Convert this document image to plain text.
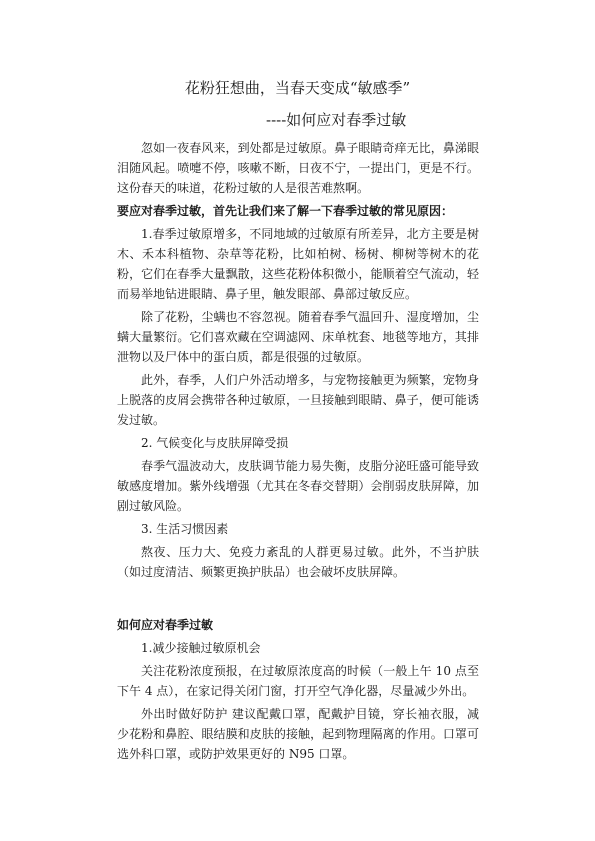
花粉狂想曲，当春天变成“敏感季”
----如何应对春季过敏

忽如一夜春风来，到处都是过敏原。鼻子眼睛奇痒无比，鼻涕眼泪随风起。喷嚏不停，咳嗽不断，日夜不宁，一提出门，更是不行。这份春天的味道，花粉过敏的人是很苦难熬啊。

要应对春季过敏，首先让我们来了解一下春季过敏的常见原因：

1.春季过敏原增多，不同地域的过敏原有所差异，北方主要是树木、禾本科植物、杂草等花粉，比如柏树、杨树、柳树等树木的花粉，它们在春季大量飘散，这些花粉体积微小，能顺着空气流动，轻而易举地钻进眼睛、鼻子里，触发眼部、鼻部过敏反应。

除了花粉，尘螨也不容忽视。随着春季气温回升、湿度增加，尘螨大量繁衍。它们喜欢藏在空调滤网、床单枕套、地毯等地方，其排泄物以及尸体中的蛋白质，都是很强的过敏原。

此外，春季，人们户外活动增多，与宠物接触更为频繁，宠物身上脱落的皮屑会携带各种过敏原，一旦接触到眼睛、鼻子，便可能诱发过敏。

2. 气候变化与皮肤屏障受损

春季气温波动大，皮肤调节能力易失衡，皮脂分泌旺盛可能导致敏感度增加。紫外线增强（尤其在冬春交替期）会削弱皮肤屏障，加剧过敏风险。

3. 生活习惯因素

熬夜、压力大、免疫力紊乱的人群更易过敏。此外，不当护肤（如过度清洁、频繁更换护肤品）也会破坏皮肤屏障。

如何应对春季过敏

1.减少接触过敏原机会

关注花粉浓度预报，在过敏原浓度高的时候（一般上午 10 点至下午 4 点），在家记得关闭门窗，打开空气净化器，尽量减少外出。

外出时做好防护 建议配戴口罩，配戴护目镜，穿长袖衣服，减少花粉和鼻腔、眼结膜和皮肤的接触，起到物理隔离的作用。口罩可选外科口罩，或防护效果更好的 N95 口罩。
